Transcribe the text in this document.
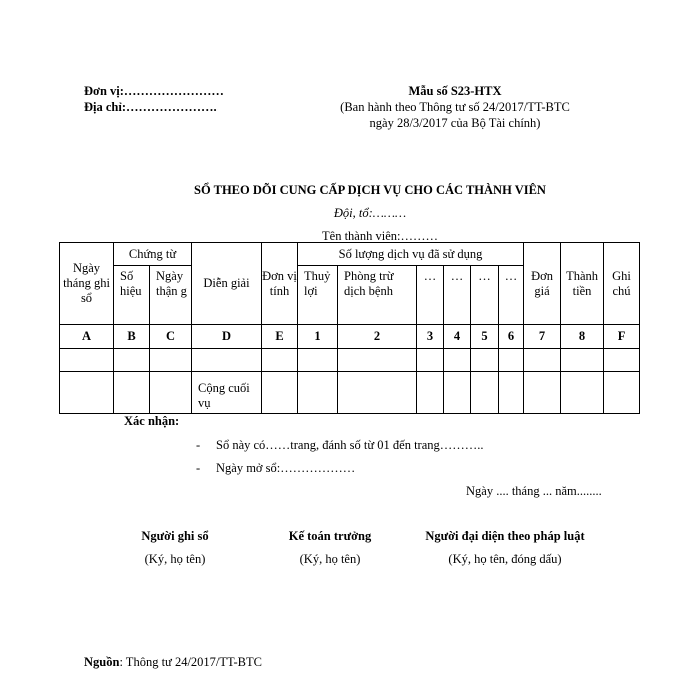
Đơn vị:……………………
Địa chỉ:………………….
Mẫu số S23-HTX
(Ban hành theo Thông tư số 24/2017/TT-BTC
ngày 28/3/2017 của Bộ Tài chính)
SỔ THEO DÕI CUNG CẤP DỊCH VỤ CHO CÁC THÀNH VIÊN
Đội, tổ:………
Tên thành viên:………
Ngày tháng ghi sổ	Chứng từ		Diễn giải	Đơn vị tính	Số lượng dịch vụ đã sử dụng						Đơn giá	Thành tiền	Ghi chú
	Số hiệu	Ngày thận g			Thuỷ lợi	Phòng trừ dịch bệnh	…	…	…	…			
A	B	C	D	E	1	2	3	4	5	6	7	8	F

			Cộng cuối vụ										

Xác nhận:
- Sổ này có……trang, đánh số từ 01 đến trang………..
- Ngày mở sổ:………………
Ngày .... tháng ... năm........
Người ghi sổ
(Ký, họ tên)
Kế toán trưởng
(Ký, họ tên)
Người đại diện theo pháp luật
(Ký, họ tên, đóng dấu)
Nguồn: Thông tư 24/2017/TT-BTC
